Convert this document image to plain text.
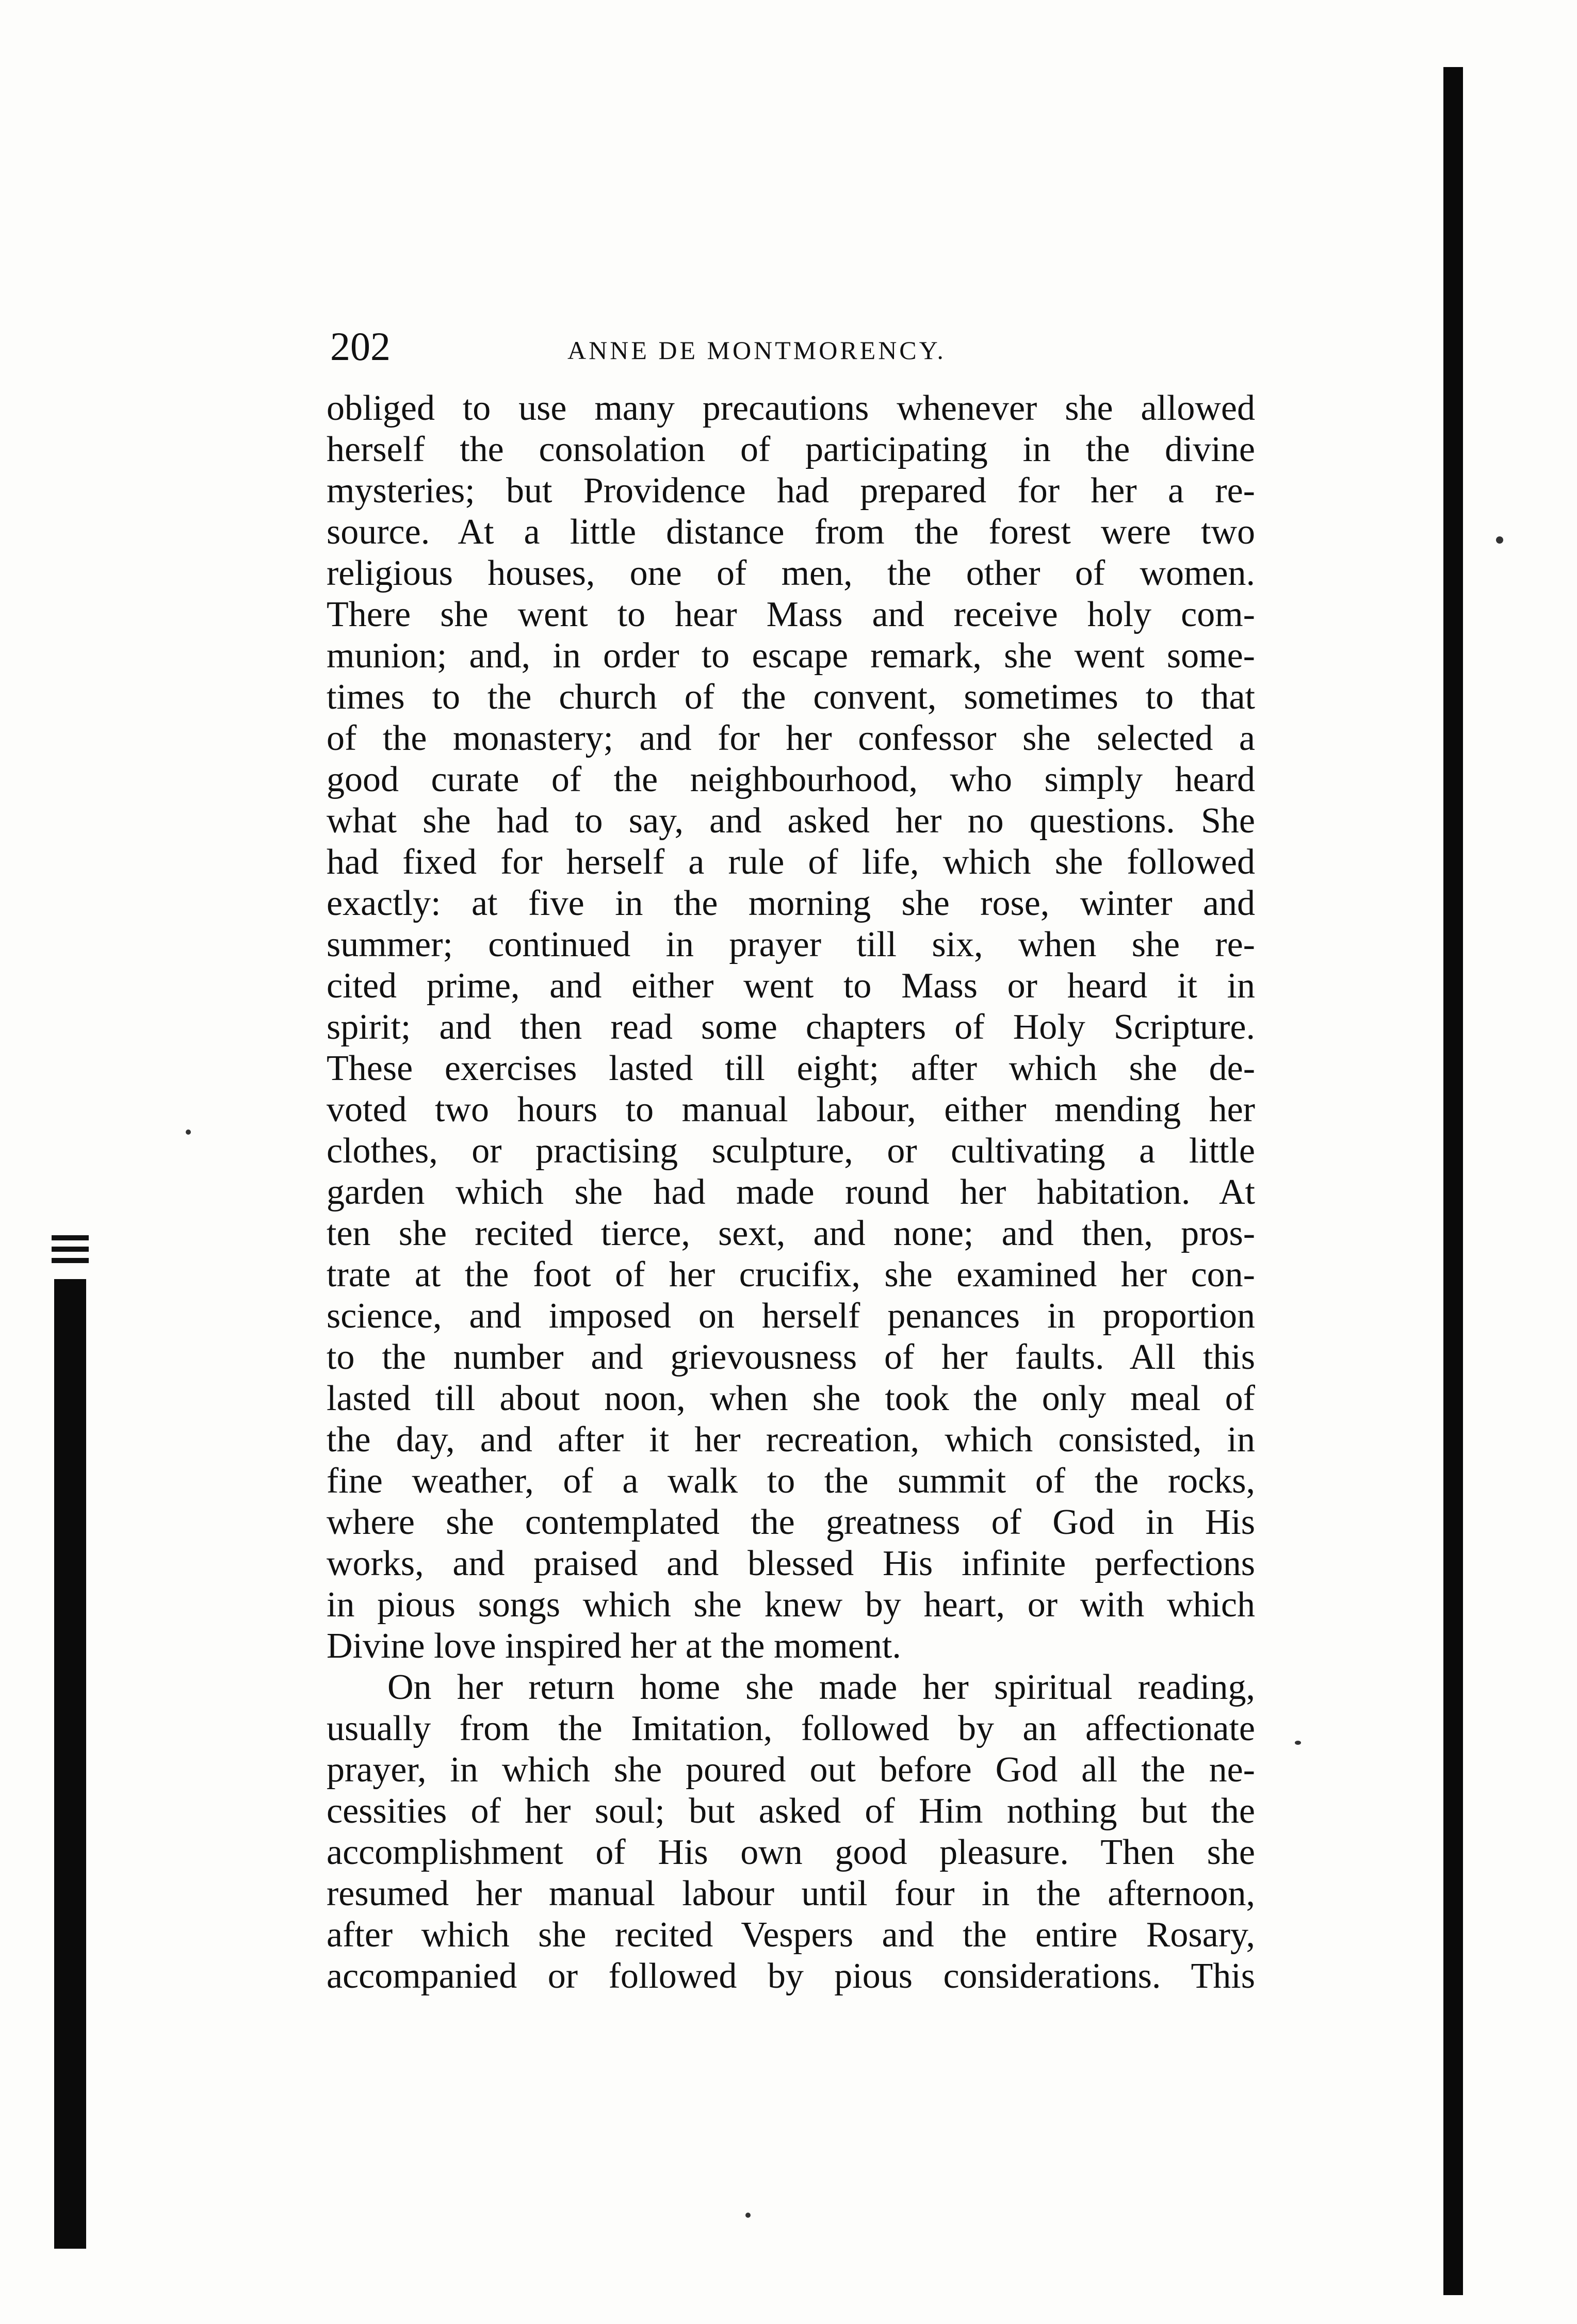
202	ANNE DE MONTMORENCY.
obliged to use many precautions whenever she allowed
herself the consolation of participating in the divine
mysteries; but Providence had prepared for her a re-
source. At a little distance from the forest were two
religious houses, one of men, the other of women.
There she went to hear Mass and receive holy com-
munion; and, in order to escape remark, she went some-
times to the church of the convent, sometimes to that
of the monastery; and for her confessor she selected a
good curate of the neighbourhood, who simply heard
what she had to say, and asked her no questions. She
had fixed for herself a rule of life, which she followed
exactly: at five in the morning she rose, winter and
summer; continued in prayer till six, when she re-
cited prime, and either went to Mass or heard it in
spirit; and then read some chapters of Holy Scripture.
These exercises lasted till eight; after which she de-
voted two hours to manual labour, either mending her
clothes, or practising sculpture, or cultivating a little
garden which she had made round her habitation. At
ten she recited tierce, sext, and none; and then, pros-
trate at the foot of her crucifix, she examined her con-
science, and imposed on herself penances in proportion
to the number and grievousness of her faults. All this
lasted till about noon, when she took the only meal of
the day, and after it her recreation, which consisted, in
fine weather, of a walk to the summit of the rocks,
where she contemplated the greatness of God in His
works, and praised and blessed His infinite perfections
in pious songs which she knew by heart, or with which
Divine love inspired her at the moment.
On her return home she made her spiritual reading,
usually from the Imitation, followed by an affectionate
prayer, in which she poured out before God all the ne-
cessities of her soul; but asked of Him nothing but the
accomplishment of His own good pleasure. Then she
resumed her manual labour until four in the afternoon,
after which she recited Vespers and the entire Rosary,
accompanied or followed by pious considerations. This
